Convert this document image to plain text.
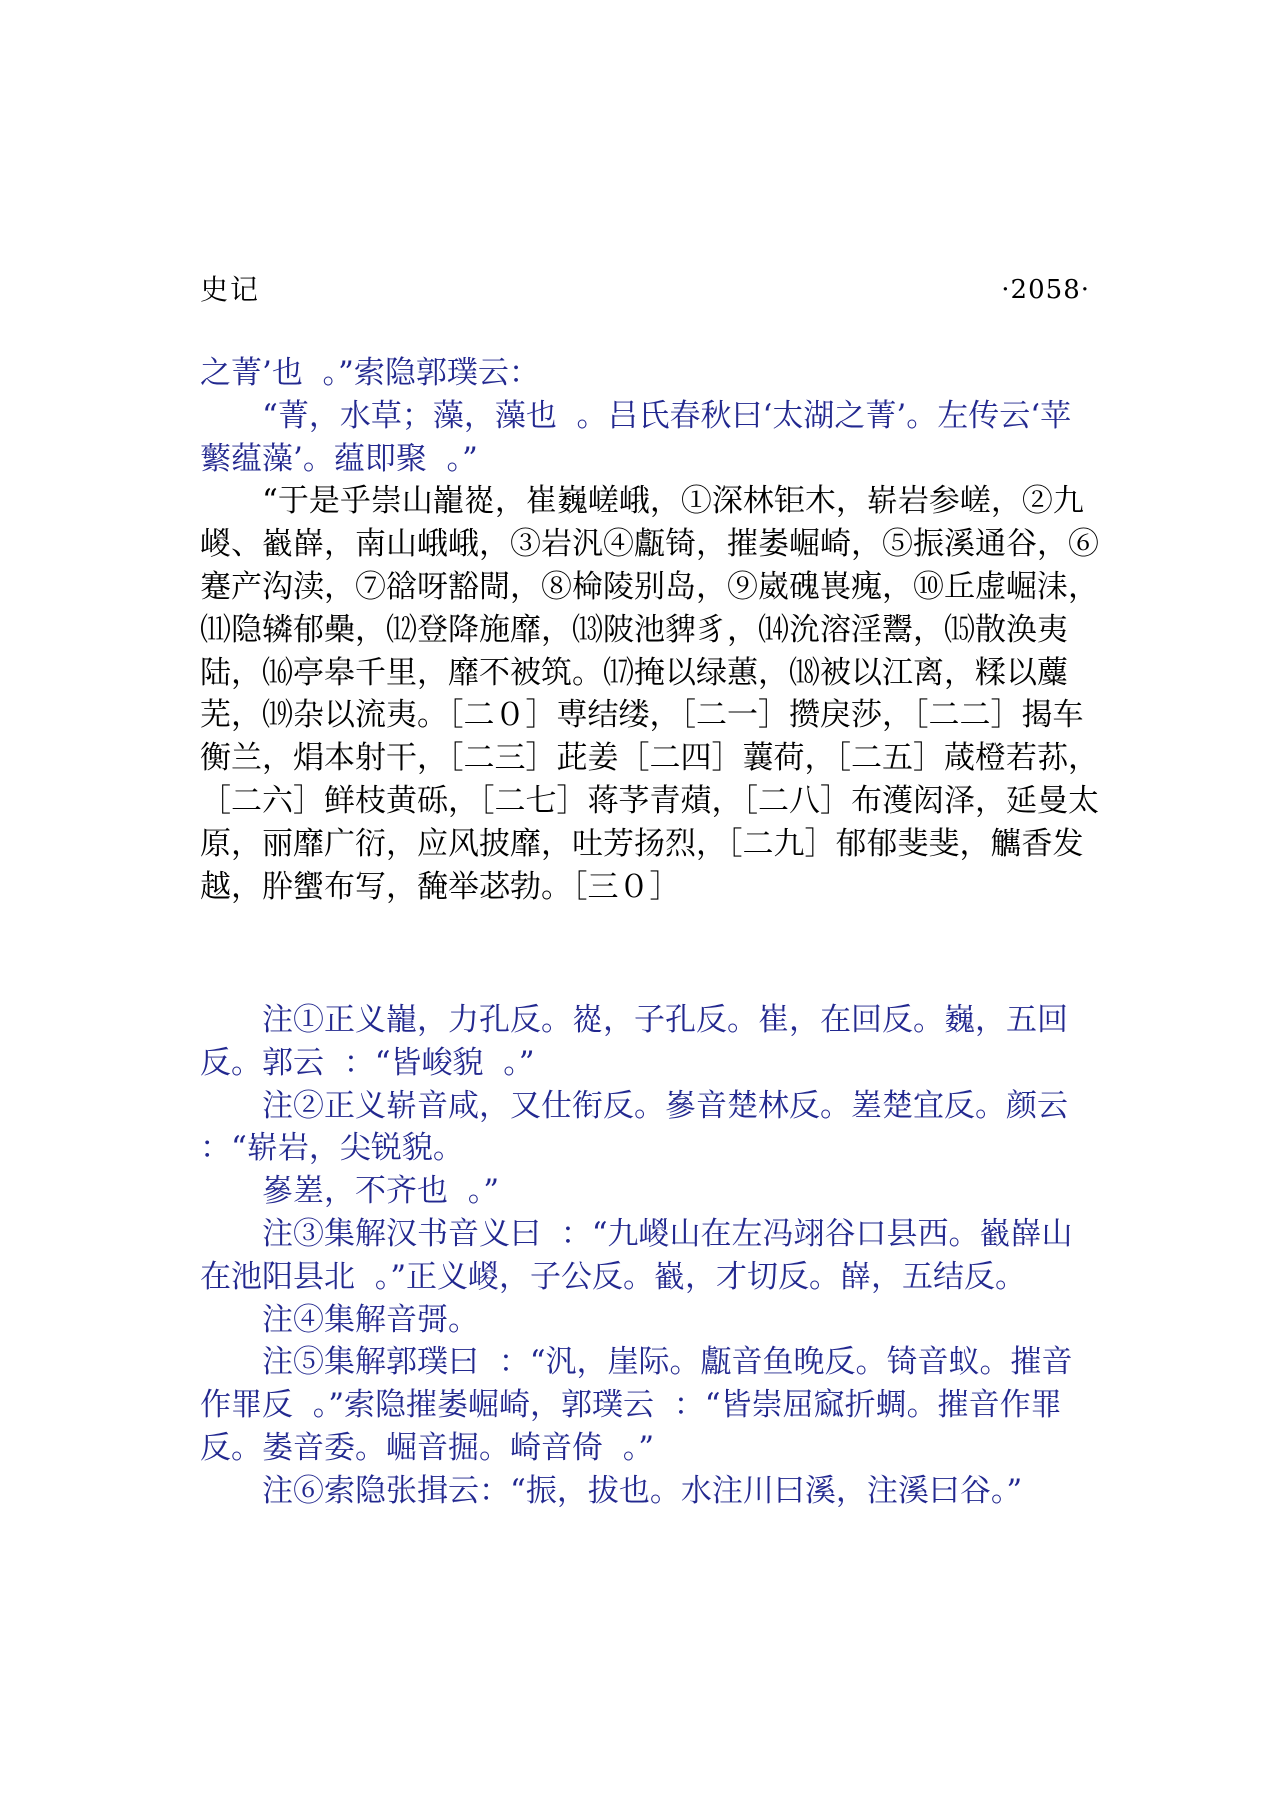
史记	·2058·

之菁’也  。”索隐郭璞云：

“菁，水草；藻，藻也  。吕氏春秋曰‘太湖之菁’。左传云‘苹蘩蕴藻’。蕴即聚  。”

“于是乎崇山巃嵸，崔巍嵯峨，①深林钜木，崭岩参嵯，②九嵕、巀嶭，南山峨峨，③岩汎④甗锜，摧崣崛崎，⑤振溪通谷，⑥蹇产沟渎，⑦谽呀豁閜，⑧椧陵别岛，⑨崴磈嵔瘣，⑩丘虚崛洡，⑾隐辚郁櫐，⑿登降施靡，⒀陂池貏豸，⒁沇溶淫鬻，⒂散涣夷陆，⒃亭皋千里，靡不被筑。⒄掩以绿蕙，⒅被以江离，糅以蘪芜，⒆杂以流夷。［二０］尃结缕，［二一］攒戾莎，［二二］揭车衡兰，焆本射干，［二三］茈姜［二四］蘘荷，［二五］葴橙若荪，［二六］鲜枝黄砾，［二七］蒋芧青薠，［二八］布濩闳泽，延曼太原，丽靡广衍，应风披靡，吐芳扬烈，［二九］郁郁斐斐，觽香发越，肸蠁布写，馣举苾勃。［三０］

注①正义巃，力孔反。嵸，子孔反。崔，在回反。巍，五回反。郭云  ：“皆峻貌  。”

注②正义崭音咸，又仕衔反。嵾音楚林反。嵳楚宜反。颜云  ：“崭岩，尖锐貌。

嵾嵳，不齐也  。”

注③集解汉书音义曰  ：“九嵕山在左冯翊谷口县西。巀嶭山在池阳县北  。”正义嵕，子公反。巀，才切反。嶭，五结反。

注④集解音彁。

注⑤集解郭璞曰  ：“汎，崖际。甗音鱼晚反。锜音蚁。摧音作罪反  。”索隐摧崣崛崎，郭璞云  ：“皆崇屈窳折蜩。摧音作罪反。崣音委。崛音掘。崎音倚  。”

注⑥索隐张揖云：“振，拔也。水注川曰溪，注溪曰谷。”
